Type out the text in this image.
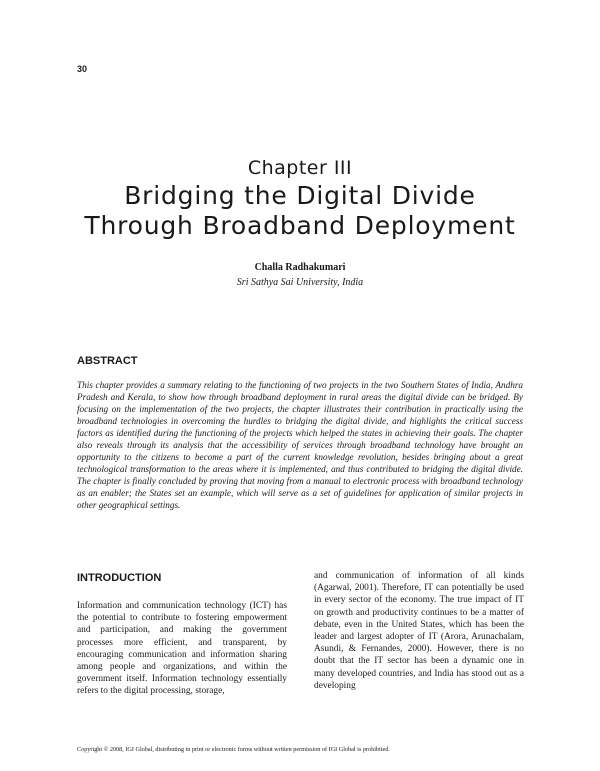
30
Chapter III
Bridging the Digital Divide
Through Broadband Deployment
Challa Radhakumari
Sri Sathya Sai University, India
ABSTRACT
This chapter provides a summary relating to the functioning of two projects in the two Southern States of India, Andhra Pradesh and Kerala, to show how through broadband deployment in rural areas the digital divide can be bridged. By focusing on the implementation of the two projects, the chapter illustrates their contribution in practically using the broadband technologies in overcoming the hurdles to bridging the digital divide, and highlights the critical success factors as identified during the functioning of the projects which helped the states in achieving their goals. The chapter also reveals through its analysis that the accessibility of services through broadband technology have brought an opportunity to the citizens to become a part of the current knowledge revolution, besides bringing about a great technological transformation to the areas where it is implemented, and thus contributed to bridging the digital divide. The chapter is finally concluded by proving that moving from a manual to electronic process with broadband technology as an enabler; the States set an example, which will serve as a set of guidelines for application of similar projects in other geographical settings.
INTRODUCTION
Information and communication technology (ICT) has the potential to contribute to fostering empowerment and participation, and making the government processes more efficient, and transparent, by encouraging communication and information sharing among people and organizations, and within the government itself. Information technology essentially refers to the digital processing, storage,
and communication of information of all kinds (Agarwal, 2001). Therefore, IT can potentially be used in every sector of the economy. The true impact of IT on growth and productivity continues to be a matter of debate, even in the United States, which has been the leader and largest adopter of IT (Arora, Arunachalam, Asundi, & Fernandes, 2000). However, there is no doubt that the IT sector has been a dynamic one in many developed countries, and India has stood out as a developing
Copyright © 2008, IGI Global, distributing in print or electronic forms without written permission of IGI Global is prohibited.
